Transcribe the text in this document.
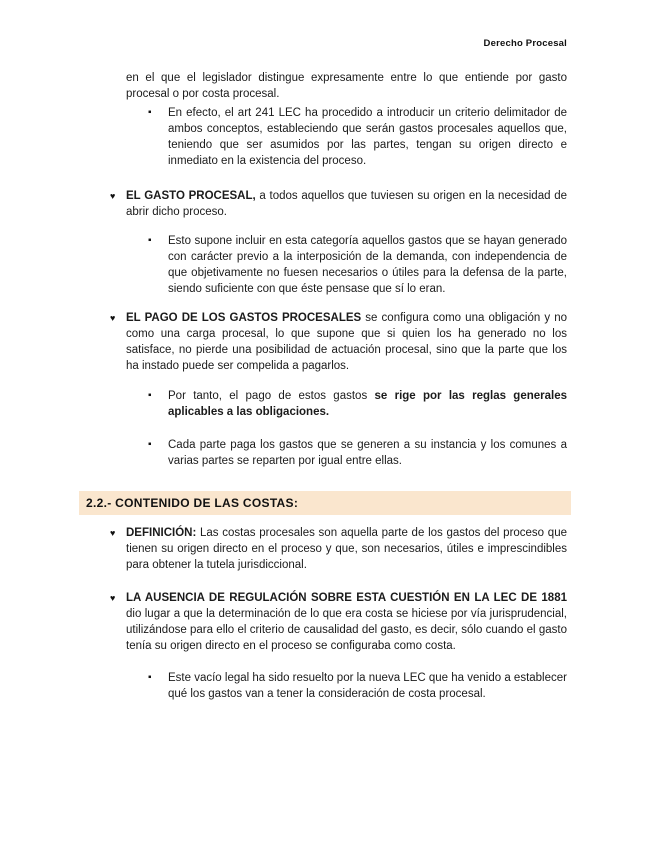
Derecho Procesal
en el que el legislador distingue expresamente entre lo que entiende por gasto procesal o por costa procesal.
▪	En efecto, el art 241 LEC ha procedido a introducir un criterio delimitador de ambos conceptos, estableciendo que serán gastos procesales aquellos que, teniendo que ser asumidos por las partes, tengan su origen directo e inmediato en la existencia del proceso.
♥ EL GASTO PROCESAL, a todos aquellos que tuviesen su origen en la necesidad de abrir dicho proceso.
▪	Esto supone incluir en esta categoría aquellos gastos que se hayan generado con carácter previo a la interposición de la demanda, con independencia de que objetivamente no fuesen necesarios o útiles para la defensa de la parte, siendo suficiente con que éste pensase que sí lo eran.
♥ EL PAGO DE LOS GASTOS PROCESALES se configura como una obligación y no como una carga procesal, lo que supone que si quien los ha generado no los satisface, no pierde una posibilidad de actuación procesal, sino que la parte que los ha instado puede ser compelida a pagarlos.
▪	Por tanto, el pago de estos gastos se rige por las reglas generales aplicables a las obligaciones.
▪	Cada parte paga los gastos que se generen a su instancia y los comunes a varias partes se reparten por igual entre ellas.
2.2.- CONTENIDO DE LAS COSTAS:
♥ DEFINICIÓN: Las costas procesales son aquella parte de los gastos del proceso que tienen su origen directo en el proceso y que, son necesarios, útiles e imprescindibles para obtener la tutela jurisdiccional.
♥ LA AUSENCIA DE REGULACIÓN SOBRE ESTA CUESTIÓN EN LA LEC DE 1881 dio lugar a que la determinación de lo que era costa se hiciese por vía jurisprudencial, utilizándose para ello el criterio de causalidad del gasto, es decir, sólo cuando el gasto tenía su origen directo en el proceso se configuraba como costa.
▪	Este vacío legal ha sido resuelto por la nueva LEC que ha venido a establecer qué los gastos van a tener la consideración de costa procesal.
